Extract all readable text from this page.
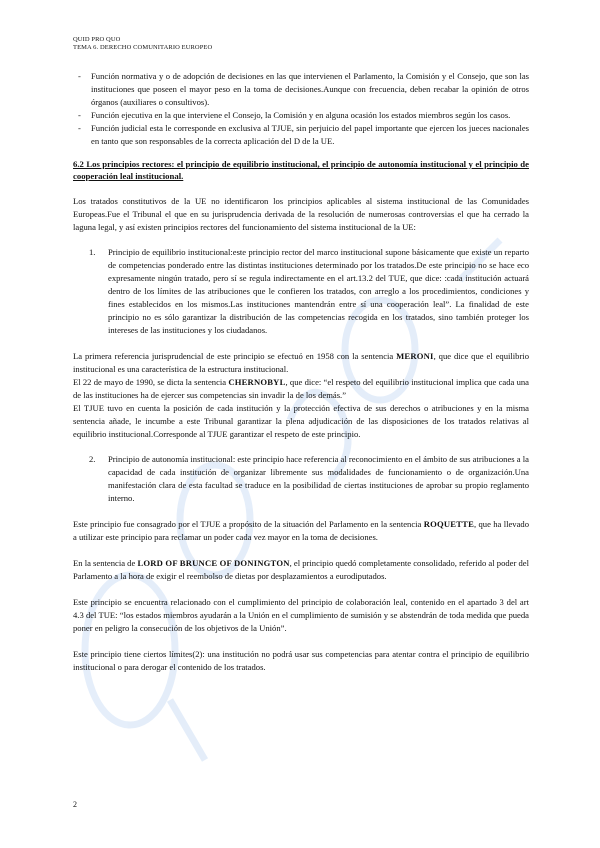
QUID PRO QUO
TEMA 6. DERECHO COMUNITARIO EUROPEO
- Función normativa y o de adopción de decisiones en las que intervienen el Parlamento, la Comisión y el Consejo, que son las instituciones que poseen el mayor peso en la toma de decisiones.Aunque con frecuencia, deben recabar la opinión de otros órganos (auxiliares o consultivos).
- Función ejecutiva en la que interviene el Consejo, la Comisión y en alguna ocasión los estados miembros según los casos.
- Función judicial esta le corresponde en exclusiva al TJUE, sin perjuicio del papel importante que ejercen los jueces nacionales en tanto que son responsables de la correcta aplicación del D de la UE.
6.2 Los principios rectores: el principio de equilibrio institucional, el principio de autonomía institucional y el principio de cooperación leal institucional.

Los tratados constitutivos de la UE no identificaron los principios aplicables al sistema institucional de las Comunidades Europeas.Fue el Tribunal el que en su jurisprudencia derivada de la resolución de numerosas controversias el que ha cerrado la laguna legal, y así existen principios rectores del funcionamiento del sistema institucional de la UE:

1. Principio de equilibrio institucional:este principio rector del marco institucional supone básicamente que existe un reparto de competencias ponderado entre las distintas instituciones determinado por los tratados.De este principio no se hace eco expresamente ningún tratado, pero sí se regula indirectamente en el art.13.2 del TUE, que dice: :cada institución actuará dentro de los límites de las atribuciones que le confieren los tratados, con arreglo a los procedimientos, condiciones y fines establecidos en los mismos.Las instituciones mantendrán entre sí una cooperación leal”. La finalidad de este principio no es sólo garantizar la distribución de las competencias recogida en los tratados, sino también proteger los intereses de las instituciones y los ciudadanos.

La primera referencia jurisprudencial de este principio se efectuó en 1958 con la sentencia MERONI, que dice que el equilibrio institucional es una característica de la estructura institucional.

El 22 de mayo de 1990, se dicta la sentencia CHERNOBYL, que dice: “el respeto del equilibrio institucional implica que cada una de las instituciones ha de ejercer sus competencias sin invadir la de los demás.”

El TJUE tuvo en cuenta la posición de cada institución y la protección efectiva de sus derechos o atribuciones y en la misma sentencia añade, le incumbe a este Tribunal garantizar la plena adjudicación de las disposiciones de los tratados relativas al equilibrio institucional.Corresponde al TJUE garantizar el respeto de este principio.

2. Principio de autonomía institucional: este principio hace referencia al reconocimiento en el ámbito de sus atribuciones a la capacidad de cada institución de organizar libremente sus modalidades de funcionamiento o de organización.Una manifestación clara de esta facultad se traduce en la posibilidad de ciertas instituciones de aprobar su propio reglamento interno.

Este principio fue consagrado por el TJUE a propósito de la situación del Parlamento en la sentencia ROQUETTE, que ha llevado a utilizar este principio para reclamar un poder cada vez mayor en la toma de decisiones.

En la sentencia de LORD OF BRUNCE OF DONINGTON, el principio quedó completamente consolidado, referido al poder del Parlamento a la hora de exigir el reembolso de dietas por desplazamientos a eurodiputados.

Este principio se encuentra relacionado con el cumplimiento del principio de colaboración leal, contenido en el apartado 3 del art 4.3 del TUE: “los estados miembros ayudarán a la Unión en el cumplimiento de sumisión y se abstendrán de toda medida que pueda poner en peligro la consecución de los objetivos de la Unión”.

Este principio tiene ciertos límites(2): una institución no podrá usar sus competencias para atentar contra el principio de equilibrio institucional o para derogar el contenido de los tratados.

2
